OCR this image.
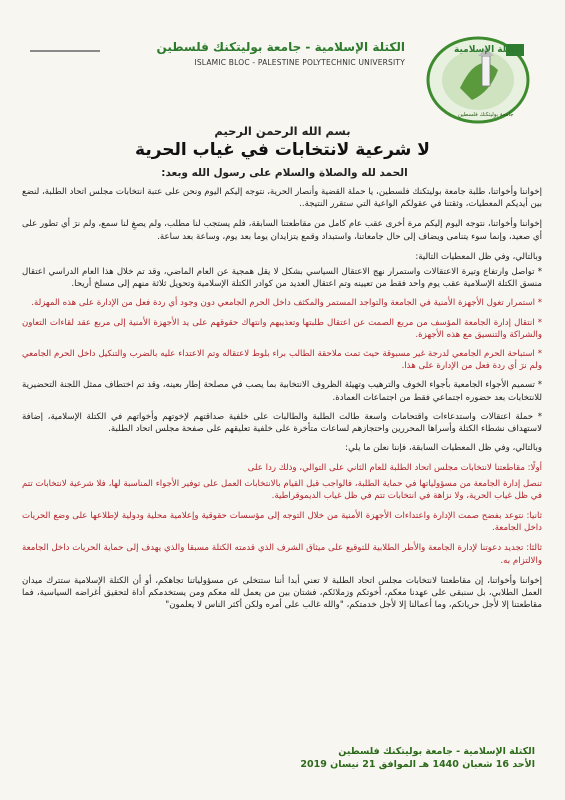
الكتلة الإسلامية - جامعة بوليتكنك فلسطين
ISLAMIC BLOC - PALESTINE POLYTECHNIC UNIVERSITY
الكتلة الإسلامية
جامعة بوليتكنك فلسطين
بسم الله الرحمن الرحيم
لا شرعية لانتخابات في غياب الحرية
الحمد لله والصلاة والسلام على رسول الله وبعد:

إخواننا وأخواتنا، طلبة جامعة بوليتكنك فلسطين، يا حملة القضية وأنصار الحرية، نتوجه إليكم اليوم ونحن على عتبة انتخابات مجلس اتحاد الطلبة، لنضع بين أيديكم المعطيات، وثقتنا في عقولكم الواعية التي ستقرر النتيجة..

إخواننا وأخواتنا، نتوجه اليوم إليكم مرة أخرى عقب عام كامل من مقاطعتنا السابقة، فلم يستجب لنا مطلب، ولم يصغِ لنا سمع، ولم نرَ أي تطور على أي صعيد، وإنما سوء يتنامى ويضاف إلى حال جامعاتنا، واستبداد وقمع يتزايدان يوما بعد يوم، وساعة بعد ساعة.

وبالتالي، وفي ظل المعطيات التالية:

* تواصل وارتفاع وتيرة الاعتقالات واستمرار نهج الاعتقال السياسي بشكل لا يقل همجية عن العام الماضي، وقد تم خلال هذا العام الدراسي اعتقال منسق الكتلة الإسلامية عقب يوم واحد فقط من تعيينه وتم اعتقال العديد من كوادر الكتلة الإسلامية وتحويل ثلاثة منهم إلى مسلخ أريحا.

* استمرار تغول الأجهزة الأمنية في الجامعة والتواجد المستمر والمكثف داخل الحرم الجامعي دون وجود أي ردة فعل من الإدارة على هذه المهزلة.

* انتقال إدارة الجامعة المؤسف من مربع الصمت عن اعتقال طلبتها وتعذيبهم وانتهاك حقوقهم على يد الأجهزة الأمنية إلى مربع عقد لقاءات التعاون والشراكة والتنسيق مع هذه الأجهزة.

* استباحة الحرم الجامعي لدرجة غير مسبوقة حيث تمت ملاحقة الطالب براء بلوط لاعتقاله وتم الاعتداء عليه بالضرب والتنكيل داخل الحرم الجامعي ولم نرَ أي ردة فعل من الإدارة على هذا.

* تسميم الأجواء الجامعية بأجواء الخوف والترهيب وتهيئة الظروف الانتخابية بما يصب في مصلحة إطار بعينه، وقد تم اختطاف ممثل اللجنة التحضيرية للانتخابات بعد حضوره اجتماعي فقط من اجتماعات العمادة.

* حملة اعتقالات واستدعاءات واقتحامات واسعة طالت الطلبة والطالبات على خلفية صداقتهم لإخوتهم وأخواتهم في الكتلة الإسلامية، إضافة لاستهداف نشطاء الكتلة وأسراها المحررين واحتجازهم لساعات متأخرة على خلفية تعليقهم على صفحة مجلس اتحاد الطلبة.

وبالتالي، وفي ظل المعطيات السابقة، فإننا نعلن ما يلي:

أولًا: مقاطعتنا لانتخابات مجلس اتحاد الطلبة للعام الثاني على التوالي، وذلك ردا على

تنصل إدارة الجامعة من مسؤولياتها في حماية الطلبة، فالواجب قبل القيام بالانتخابات العمل على توفير الأجواء المناسبة لها، فلا شرعية لانتخابات تتم في ظل غياب الحرية، ولا نزاهة في انتخابات تتم في ظل غياب الديموقراطية.

ثانيا: نتوعد بفضح صمت الإدارة واعتداءات الأجهزة الأمنية من خلال التوجه إلى مؤسسات حقوقية وإعلامية محلية ودولية لإطلاعها على وضع الحريات داخل الجامعة.

ثالثا: تجديد دعوتنا لإدارة الجامعة والأطر الطلابية للتوقيع على ميثاق الشرف الذي قدمته الكتلة مسبقا والذي يهدف إلى حماية الحريات داخل الجامعة والالتزام به.

إخواننا وأخواتنا، إن مقاطعتنا لانتخابات مجلس اتحاد الطلبة لا تعني أبدا أننا ستتخلى عن مسؤولياتنا تجاهكم، أو أن الكتلة الإسلامية ستترك ميدان العمل الطلابي، بل سنبقى على عهدنا معكم، أخوتكم وزملائكم، فشتان بين من يعمل لله معكم ومن يستخدمكم أداة لتحقيق أغراضه السياسية، فما مقاطعتنا إلا لأجل حرياتكم، وما أعمالنا إلا لأجل خدمتكم، "والله غالب على أمره ولكن أكثر الناس لا يعلمون"

الكتلة الإسلامية - جامعة بوليتكنك فلسطين
الأحد 16 شعبان 1440 هـ الموافق 21 نيسان 2019
